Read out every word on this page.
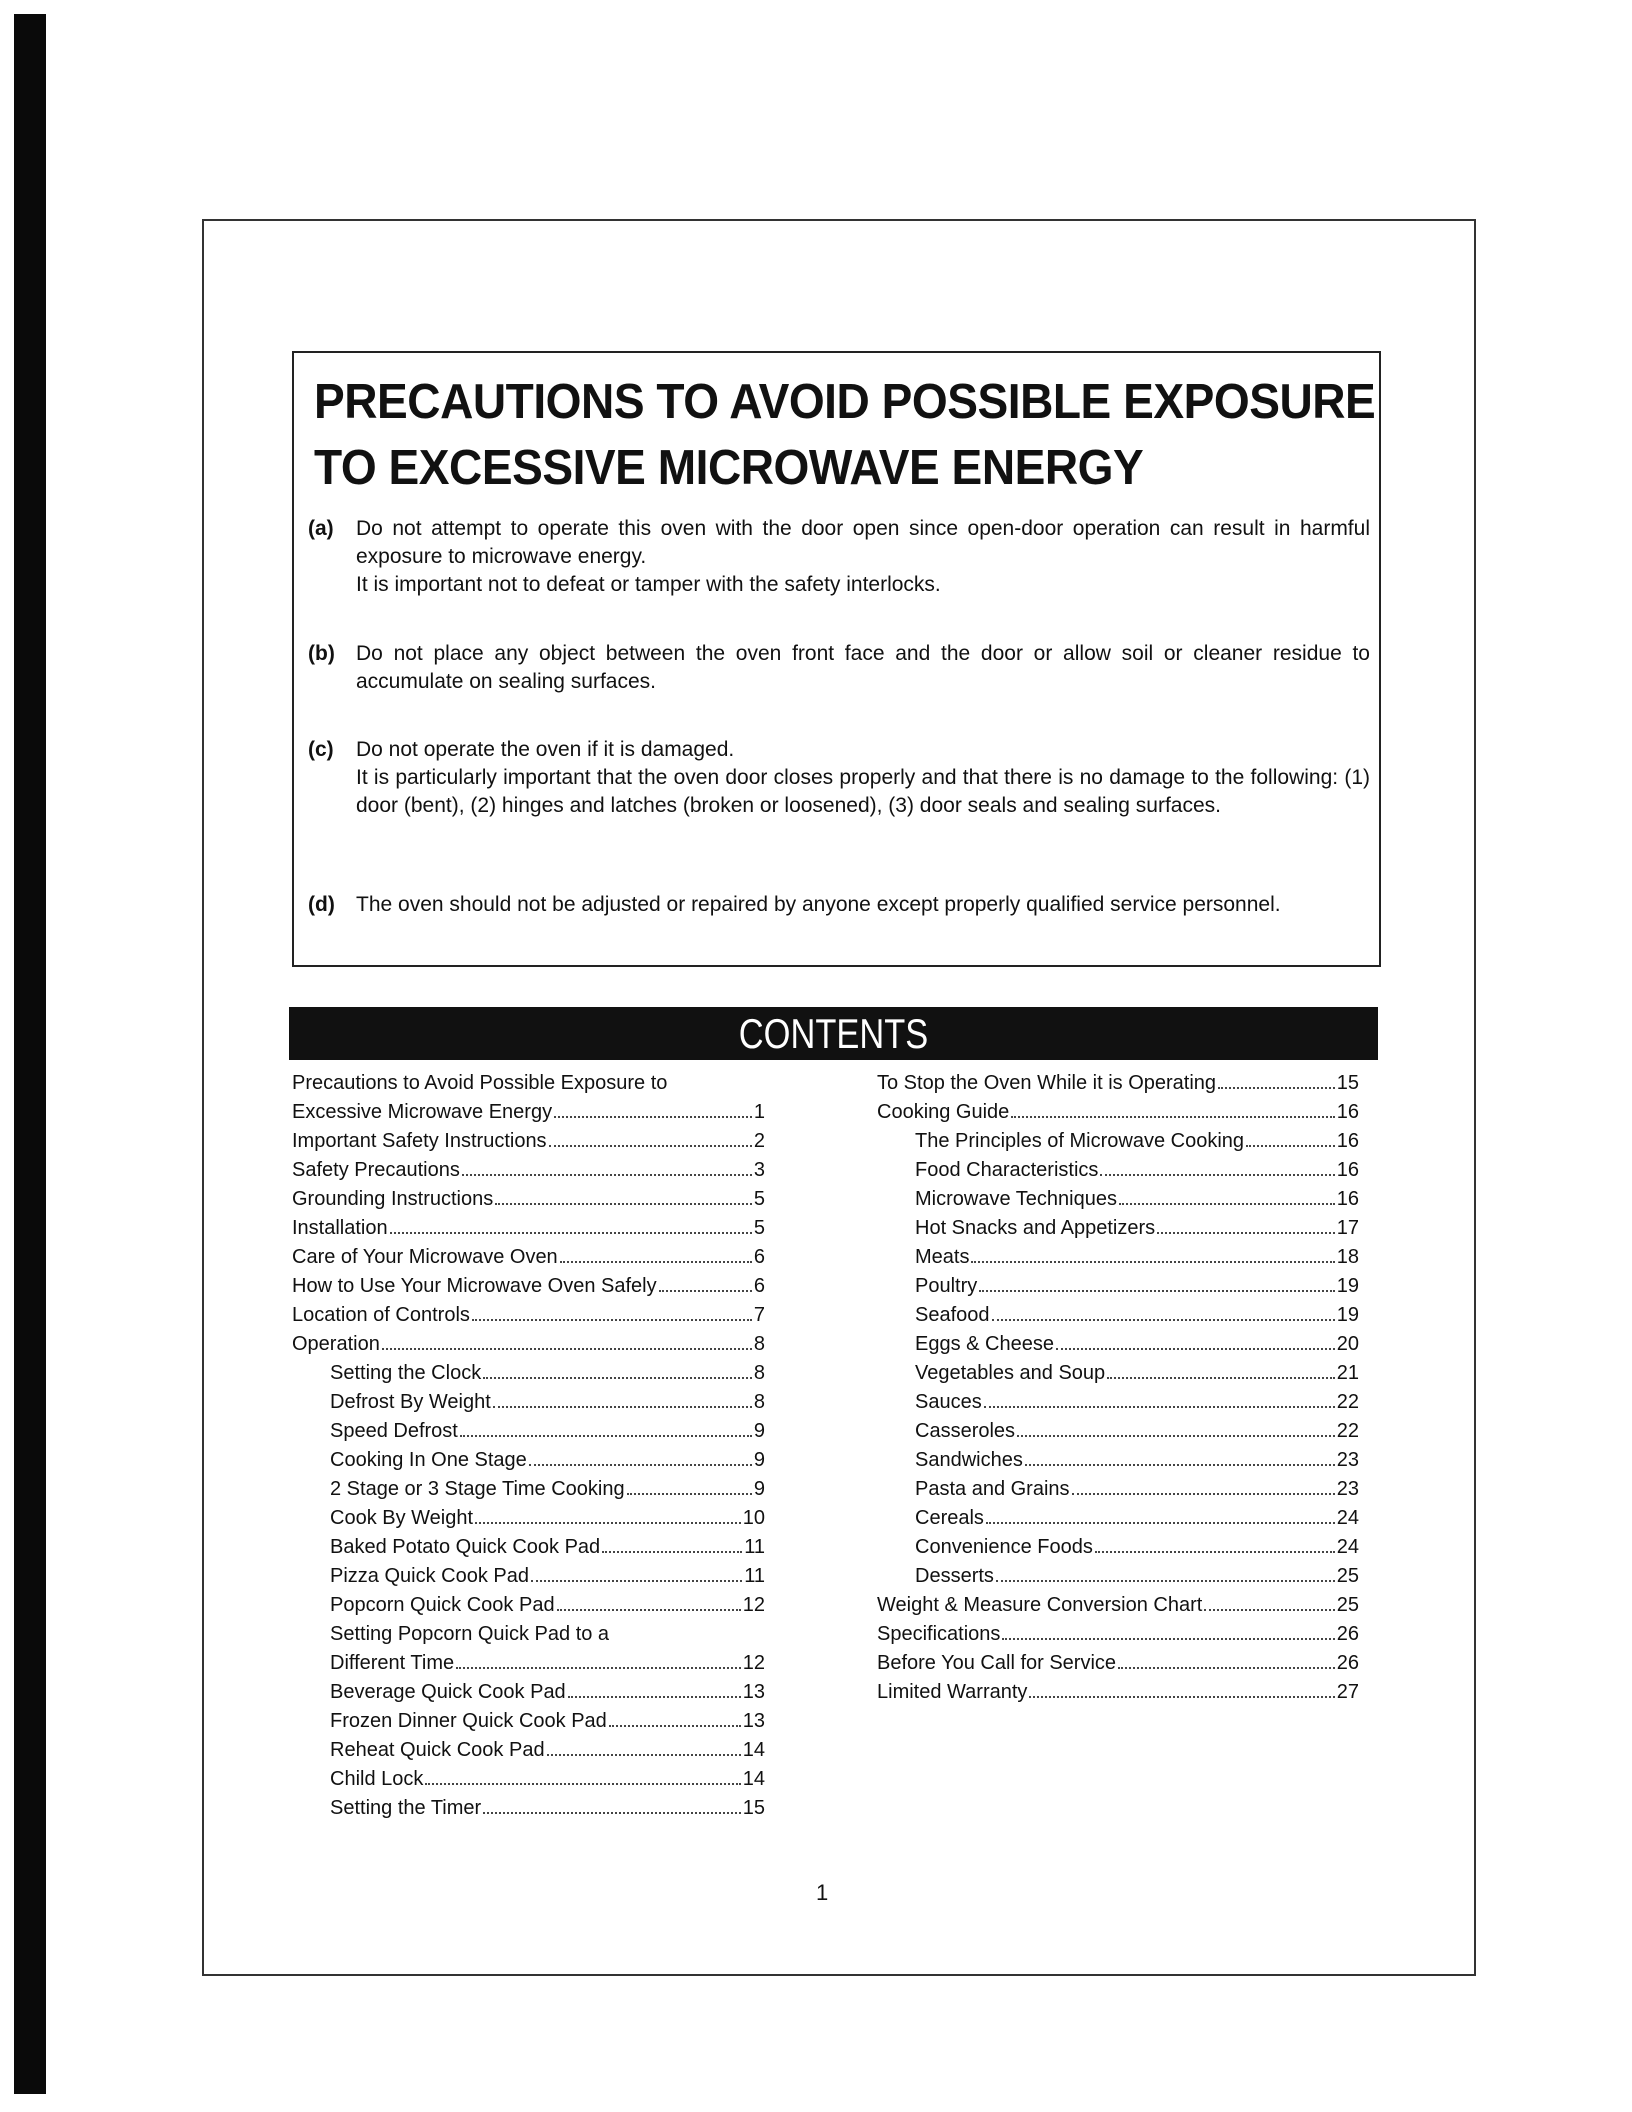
PRECAUTIONS TO AVOID POSSIBLE EXPOSURE
TO EXCESSIVE MICROWAVE ENERGY
(a) Do not attempt to operate this oven with the door open since open-door operation can result in harmful exposure to microwave energy.

It is important not to defeat or tamper with the safety interlocks.

(b) Do not place any object between the oven front face and the door or allow soil or cleaner residue to accumulate on sealing surfaces.

(c) Do not operate the oven if it is damaged.

It is particularly important that the oven door closes properly and that there is no damage to the following: (1) door (bent), (2) hinges and latches (broken or loosened), (3) door seals and sealing surfaces.

(d) The oven should not be adjusted or repaired by anyone except properly qualified service personnel.

CONTENTS
Precautions to Avoid Possible Exposure to
Excessive Microwave Energy	1
Important Safety Instructions	2
Safety Precautions	3
Grounding Instructions	5
Installation	5
Care of Your Microwave Oven	6
How to Use Your Microwave Oven Safely	6
Location of Controls	7
Operation	8
Setting the Clock	8
Defrost By Weight	8
Speed Defrost	9
Cooking In One Stage	9
2 Stage or 3 Stage Time Cooking	9
Cook By Weight	10
Baked Potato Quick Cook Pad	11
Pizza Quick Cook Pad	11
Popcorn Quick Cook Pad	12
Setting Popcorn Quick Pad to a
Different Time	12
Beverage Quick Cook Pad	13
Frozen Dinner Quick Cook Pad	13
Reheat Quick Cook Pad	14
Child Lock	14
Setting the Timer	15
To Stop the Oven While it is Operating	15
Cooking Guide	16
The Principles of Microwave Cooking	16
Food Characteristics	16
Microwave Techniques	16
Hot Snacks and Appetizers	17
Meats	18
Poultry	19
Seafood	19
Eggs & Cheese	20
Vegetables and Soup	21
Sauces	22
Casseroles	22
Sandwiches	23
Pasta and Grains	23
Cereals	24
Convenience Foods	24
Desserts	25
Weight & Measure Conversion Chart	25
Specifications	26
Before You Call for Service	26
Limited Warranty	27
1
